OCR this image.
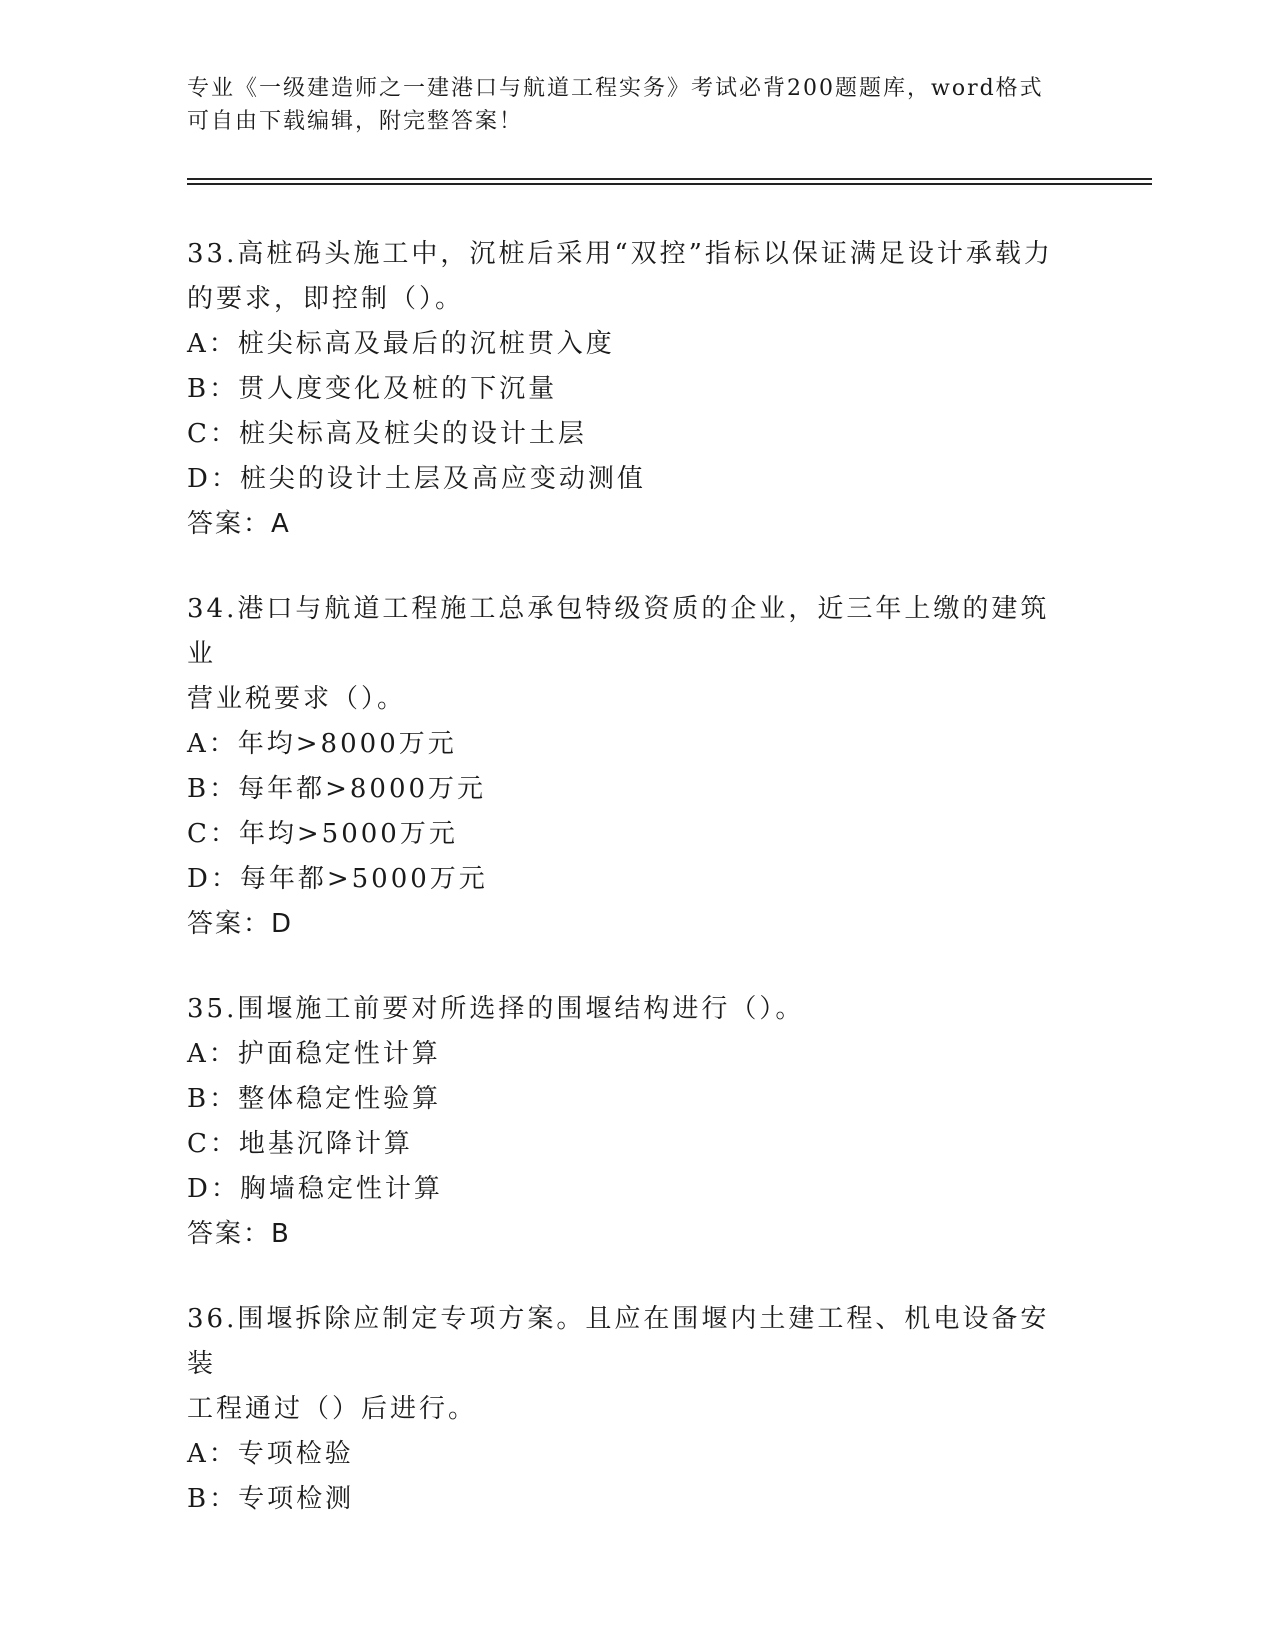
专业《一级建造师之一建港口与航道工程实务》考试必背200题题库，word格式
可自由下载编辑，附完整答案！
33.高桩码头施工中，沉桩后采用“双控”指标以保证满足设计承载力
的要求，即控制（）。
A：桩尖标高及最后的沉桩贯入度
B：贯人度变化及桩的下沉量
C：桩尖标高及桩尖的设计土层
D：桩尖的设计土层及高应变动测值
答案：A
34.港口与航道工程施工总承包特级资质的企业，近三年上缴的建筑业
营业税要求（）。
A：年均>8000万元
B：每年都>8000万元
C：年均>5000万元
D：每年都>5000万元
答案：D
35.围堰施工前要对所选择的围堰结构进行（）。
A：护面稳定性计算
B：整体稳定性验算
C：地基沉降计算
D：胸墙稳定性计算
答案：B
36.围堰拆除应制定专项方案。且应在围堰内土建工程、机电设备安装
工程通过（）后进行。
A：专项检验
B：专项检测
